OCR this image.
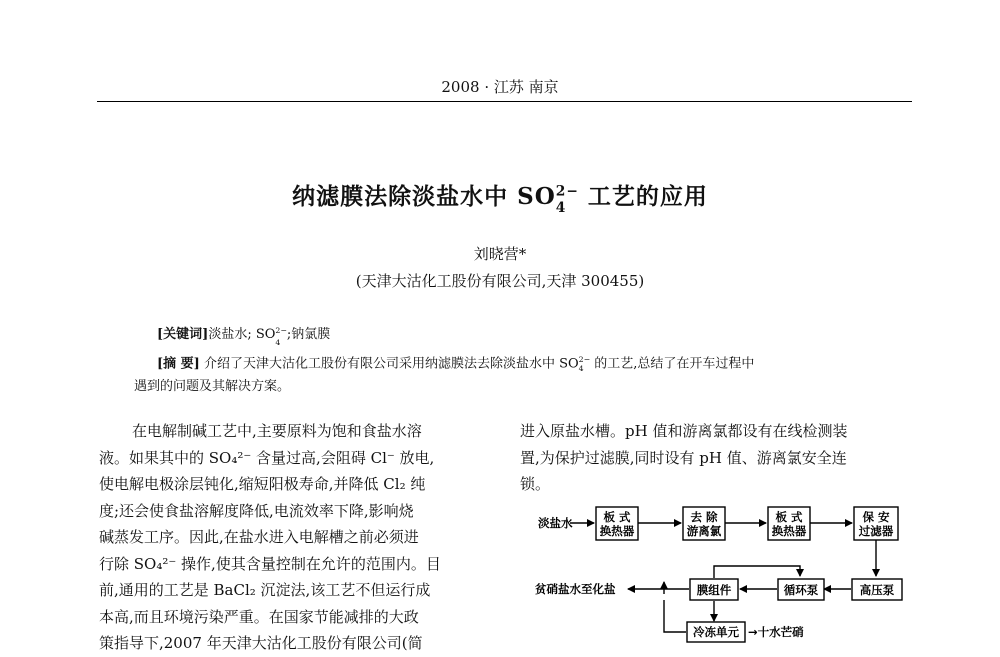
2008 · 江苏 南京
纳滤膜法除淡盐水中 $SO^{2-}$
4 工艺的应用
刘晓营*
(天津大沽化工股份有限公司,天津 300455)
[关键词]淡盐水; $SO^{2-}$
4
;钠氯膜
[摘 要] 介绍了天津大沽化工股份有限公司采用纳滤膜法去除淡盐水中 $SO^{2-}$
4 的工艺,总结了在开车过程中
遇到的问题及其解决方案。

在电解制碱工艺中,主要原料为饱和食盐水溶

液。如果其中的 SO₄²⁻ 含量过高,会阻碍 Cl⁻ 放电,

使电解电极涂层钝化,缩短阳极寿命,并降低 Cl₂ 纯

度;还会使食盐溶解度降低,电流效率下降,影响烧

碱蒸发工序。因此,在盐水进入电解槽之前必须进

行除 SO₄²⁻ 操作,使其含量控制在允许的范围内。目

前,通用的工艺是 BaCl₂ 沉淀法,该工艺不但运行成

本高,而且环境污染严重。在国家节能减排的大政

策指导下,2007 年天津大沽化工股份有限公司(简

进入原盐水槽。pH 值和游离氯都设有在线检测装

置,为保护过滤膜,同时设有 pH 值、游离氯安全连

锁。

淡盐水	板 式
换热器
去 除
游离氯
板 式
换热器
保 安
过滤器
膜组件	循环泵	高压泵
冷冻单元
贫硝盐水至化盐
→十水芒硝
